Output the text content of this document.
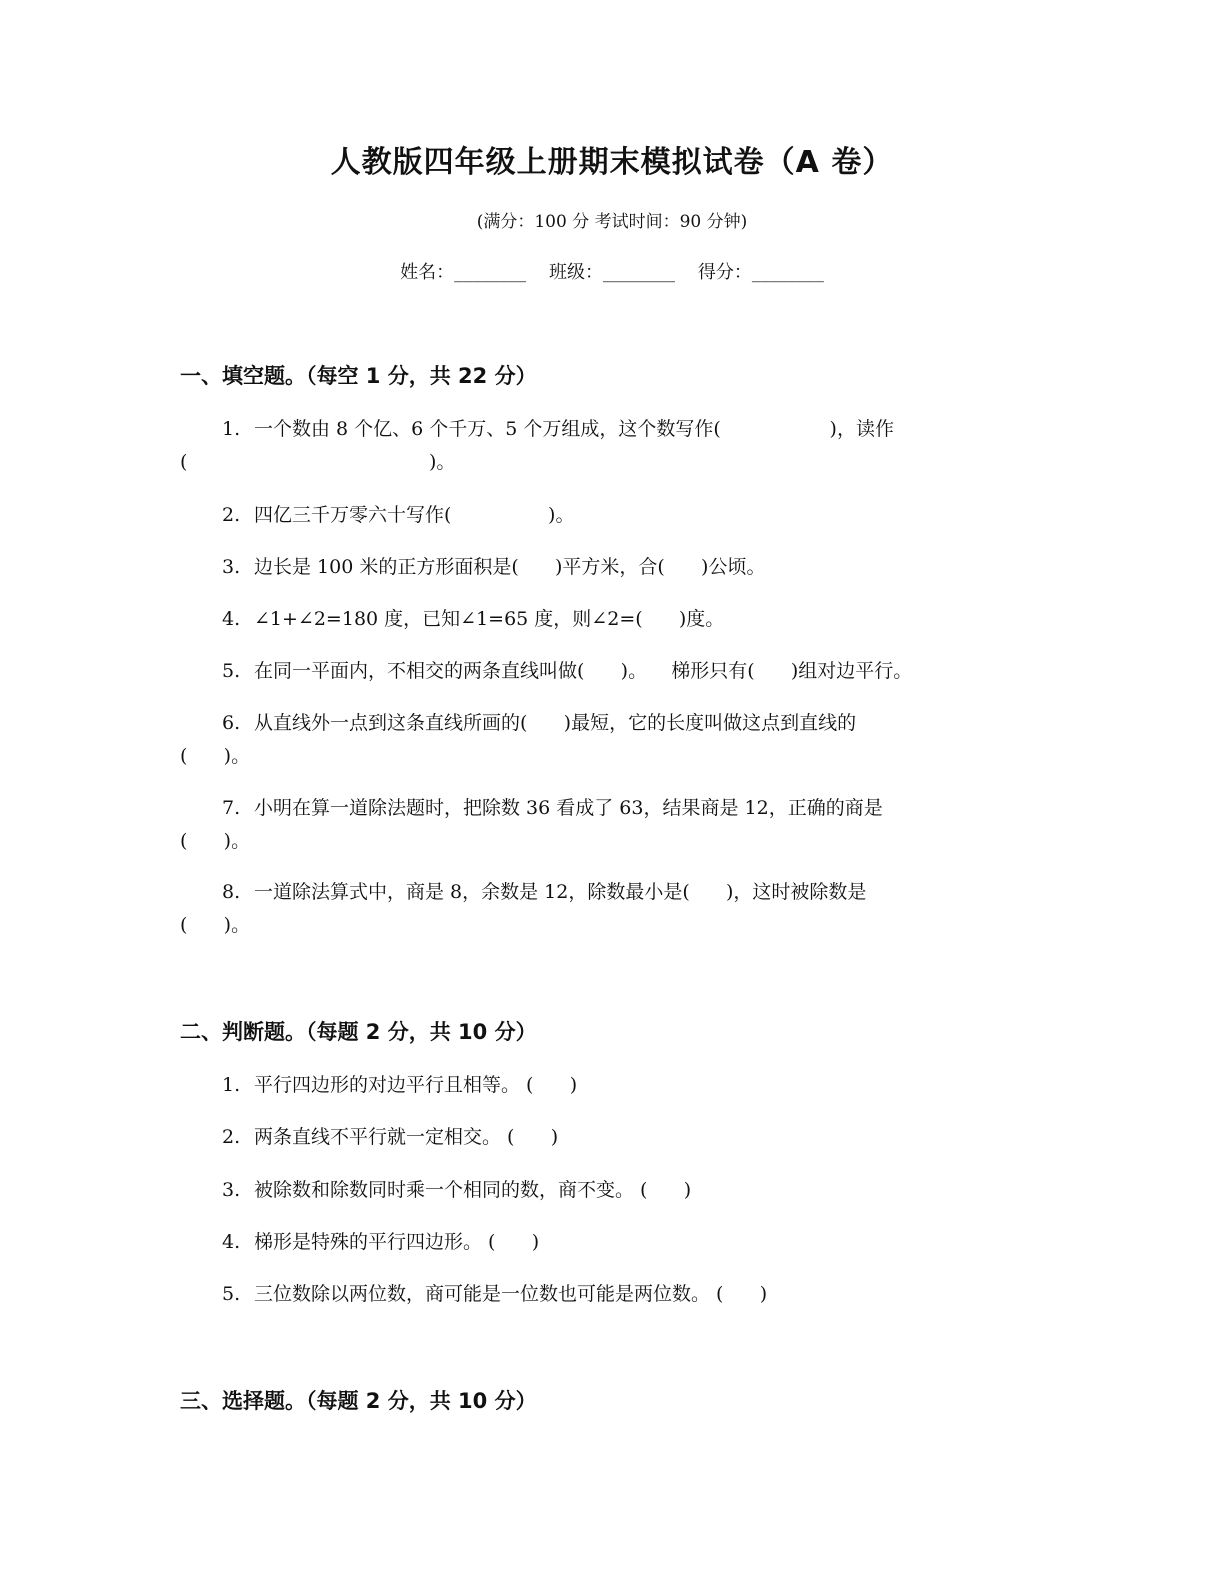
人教版四年级上册期末模拟试卷（A 卷）
(满分：100 分 考试时间：90 分钟)
姓名：________    班级：________    得分：________
一、填空题。（每空 1 分，共 22 分）
1. 一个数由 8 个亿、6 个千万、5 个万组成，这个数写作(                  )，读作
(                                        )。
2. 四亿三千万零六十写作(                )。
3. 边长是 100 米的正方形面积是(      )平方米，合(      )公顷。
4. ∠1+∠2=180 度，已知∠1=65 度，则∠2=(      )度。
5. 在同一平面内，不相交的两条直线叫做(      )。    梯形只有(      )组对边平行。
6. 从直线外一点到这条直线所画的(      )最短，它的长度叫做这点到直线的
(      )。
7. 小明在算一道除法题时，把除数 36 看成了 63，结果商是 12，正确的商是
(      )。
8. 一道除法算式中，商是 8，余数是 12，除数最小是(      )，这时被除数是
(      )。
二、判断题。（每题 2 分，共 10 分）
1. 平行四边形的对边平行且相等。 (      )
2. 两条直线不平行就一定相交。 (      )
3. 被除数和除数同时乘一个相同的数，商不变。 (      )
4. 梯形是特殊的平行四边形。 (      )
5. 三位数除以两位数，商可能是一位数也可能是两位数。 (      )
三、选择题。（每题 2 分，共 10 分）
